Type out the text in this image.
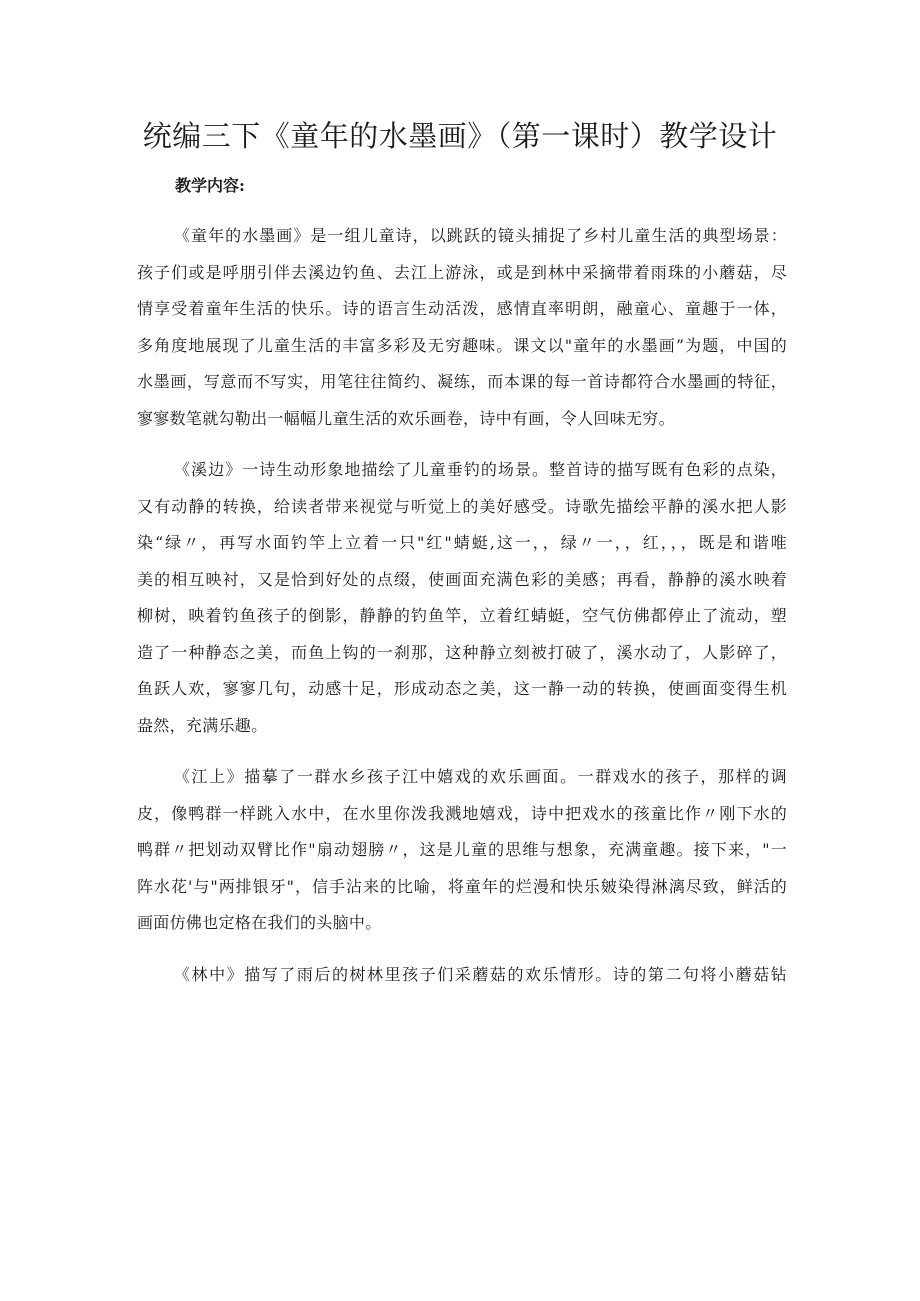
统编三下《童年的水墨画》（第一课时）教学设计

教学内容:

《童年的水墨画》是一组儿童诗，以跳跃的镜头捕捉了乡村儿童生活的典型场景：
孩子们或是呼朋引伴去溪边钓鱼、去江上游泳，或是到林中采摘带着雨珠的小蘑菇，尽
情享受着童年生活的快乐。诗的语言生动活泼，感情直率明朗，融童心、童趣于一体，
多角度地展现了儿童生活的丰富多彩及无穷趣味。课文以"童年的水墨画”为题，中国的
水墨画，写意而不写实，用笔往往简约、凝练，而本课的每一首诗都符合水墨画的特征，
寥寥数笔就勾勒出一幅幅儿童生活的欢乐画卷，诗中有画，令人回味无穷。

《溪边》一诗生动形象地描绘了儿童垂钓的场景。整首诗的描写既有色彩的点染，
又有动静的转换，给读者带来视觉与听觉上的美好感受。诗歌先描绘平静的溪水把人影
染“绿〃，再写水面钓竿上立着一只"红"蜻蜓,这一，，绿〃一，，红，，，既是和谐唯
美的相互映衬，又是恰到好处的点缀，使画面充满色彩的美感；再看，静静的溪水映着
柳树，映着钓鱼孩子的倒影，静静的钓鱼竿，立着红蜻蜓，空气仿佛都停止了流动，塑
造了一种静态之美，而鱼上钩的一刹那，这种静立刻被打破了，溪水动了，人影碎了，
鱼跃人欢，寥寥几句，动感十足，形成动态之美，这一静一动的转换，使画面变得生机
盎然，充满乐趣。

《江上》描摹了一群水乡孩子江中嬉戏的欢乐画面。一群戏水的孩子，那样的调
皮，像鸭群一样跳入水中，在水里你泼我溅地嬉戏，诗中把戏水的孩童比作〃刚下水的
鸭群〃把划动双臂比作"扇动翅膀〃，这是儿童的思维与想象，充满童趣。接下来，"一
阵水花'与"两排银牙"，信手沾来的比喻，将童年的烂漫和快乐皴染得淋漓尽致，鲜活的
画面仿佛也定格在我们的头脑中。

《林中》描写了雨后的树林里孩子们采蘑菇的欢乐情形。诗的第二句将小蘑菇钻
